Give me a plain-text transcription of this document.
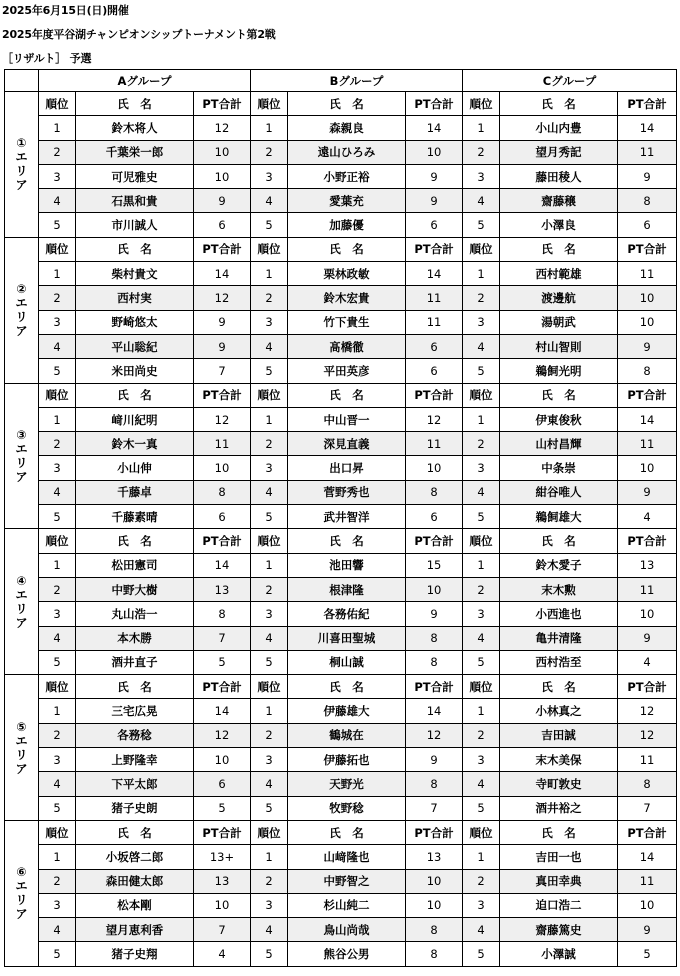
2025年6月15日(日)開催
2025年度平谷湖チャンピオンシップトーナメント第2戦
［リザルト］ 予選
	Aグループ			Bグループ			Cグループ		

①
エ
リ
ア	順位	氏　名	PT合計	順位	氏　名	PT合計	順位	氏　名	PT合計
	1	鈴木将人	12	1	森親良	14	1	小山内豊	14
	2	千葉栄一郎	10	2	遠山ひろみ	10	2	望月秀記	11
	3	可児雅史	10	3	小野正裕	9	3	藤田稜人	9
	4	石黒和貴	9	4	愛葉充	9	4	齋藤穣	8
	5	市川誠人	6	5	加藤優	6	5	小澤良	6

②
エ
リ
ア	順位	氏　名	PT合計	順位	氏　名	PT合計	順位	氏　名	PT合計
	1	柴村貴文	14	1	栗林政敏	14	1	西村範雄	11
	2	西村実	12	2	鈴木宏貴	11	2	渡邊航	10
	3	野崎悠太	9	3	竹下貴生	11	3	湯朝武	10
	4	平山聡紀	9	4	髙橋徹	6	4	村山智則	9
	5	米田尚史	7	5	平田英彦	6	5	鵜飼光明	8

③
エ
リ
ア	順位	氏　名	PT合計	順位	氏　名	PT合計	順位	氏　名	PT合計
	1	﨑川紀明	12	1	中山晋一	12	1	伊東俊秋	14
	2	鈴木一真	11	2	深見直義	11	2	山村昌輝	11
	3	小山伸	10	3	出口昇	10	3	中条崇	10
	4	千藤卓	8	4	菅野秀也	8	4	紺谷唯人	9
	5	千藤素晴	6	5	武井智洋	6	5	鵜飼雄大	4

④
エ
リ
ア	順位	氏　名	PT合計	順位	氏　名	PT合計	順位	氏　名	PT合計
	1	松田憲司	14	1	池田響	15	1	鈴木愛子	13
	2	中野大樹	13	2	根津隆	10	2	末木勲	11
	3	丸山浩一	8	3	各務佑紀	9	3	小西進也	10
	4	本木勝	7	4	川喜田聖城	8	4	亀井清隆	9
	5	酒井直子	5	5	桐山誠	8	5	西村浩至	4

⑤
エ
リ
ア	順位	氏　名	PT合計	順位	氏　名	PT合計	順位	氏　名	PT合計
	1	三宅広晃	14	1	伊藤雄大	14	1	小林真之	12
	2	各務稔	12	2	鶴城在	12	2	吉田誠	12
	3	上野隆幸	10	3	伊藤拓也	9	3	末木美保	11
	4	下平太郎	6	4	天野光	8	4	寺町敦史	8
	5	猪子史朗	5	5	牧野稔	7	5	酒井裕之	7

⑥
エ
リ
ア	順位	氏　名	PT合計	順位	氏　名	PT合計	順位	氏　名	PT合計
	1	小坂啓二郎	13+	1	山﨑隆也	13	1	吉田一也	14
	2	森田健太郎	13	2	中野智之	10	2	真田幸典	11
	3	松本剛	10	3	杉山純二	10	3	迫口浩二	10
	4	望月恵利香	7	4	鳥山尚哉	8	4	齋藤篤史	9
	5	猪子史翔	4	5	熊谷公男	8	5	小澤誠	5
